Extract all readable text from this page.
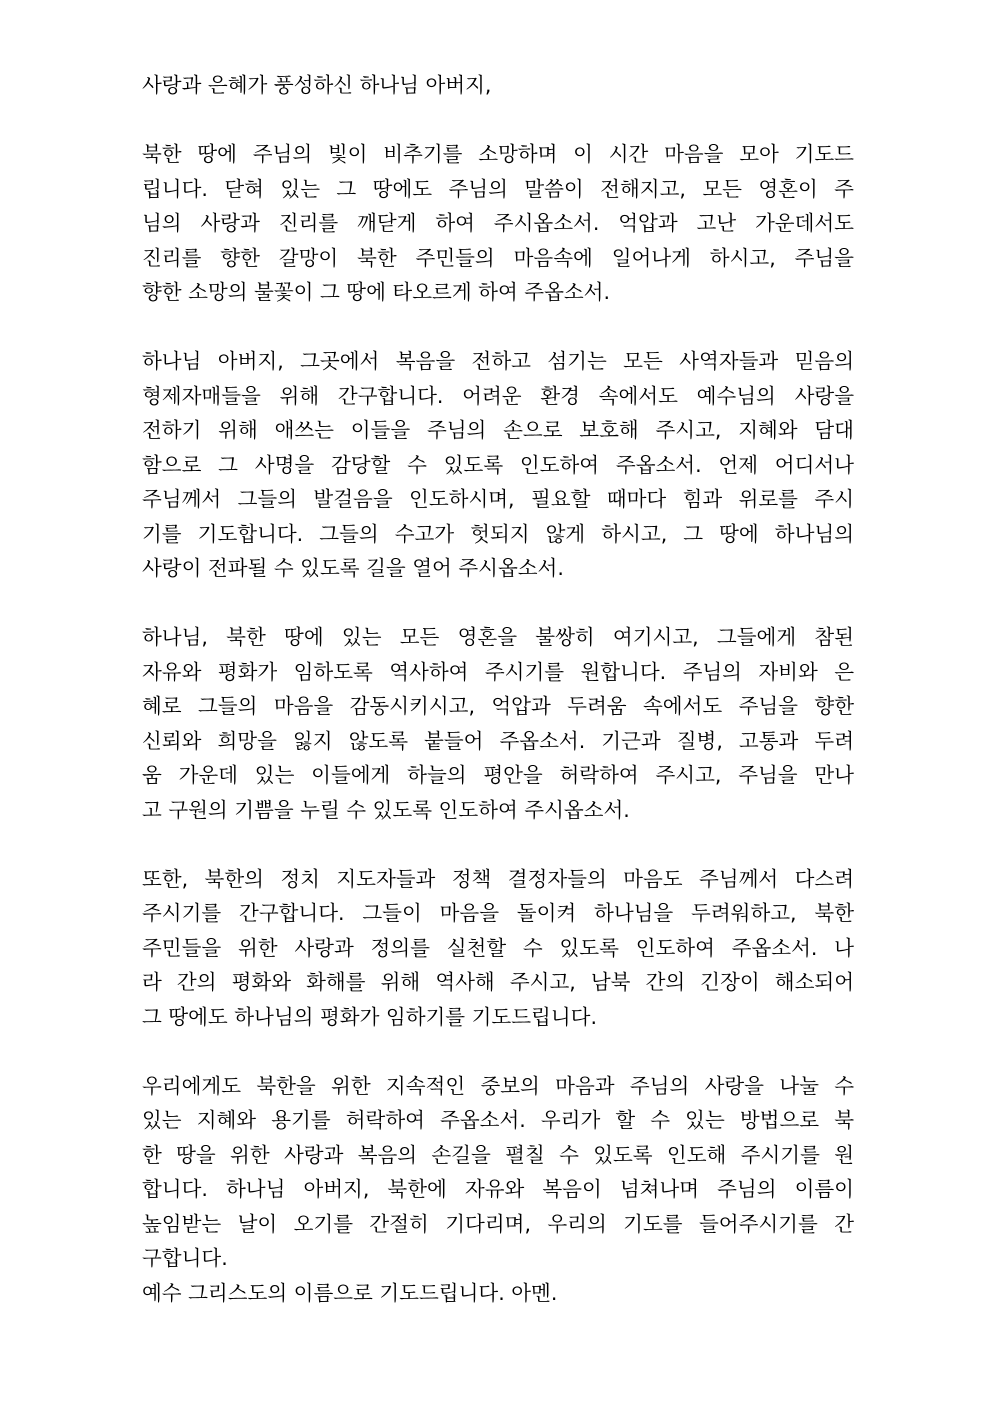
사랑과 은혜가 풍성하신 하나님 아버지,
북한 땅에 주님의 빛이 비추기를 소망하며 이 시간 마음을 모아 기도드
립니다. 닫혀 있는 그 땅에도 주님의 말씀이 전해지고, 모든 영혼이 주
님의 사랑과 진리를 깨닫게 하여 주시옵소서. 억압과 고난 가운데서도
진리를 향한 갈망이 북한 주민들의 마음속에 일어나게 하시고, 주님을
향한 소망의 불꽃이 그 땅에 타오르게 하여 주옵소서.
하나님 아버지, 그곳에서 복음을 전하고 섬기는 모든 사역자들과 믿음의
형제자매들을 위해 간구합니다. 어려운 환경 속에서도 예수님의 사랑을
전하기 위해 애쓰는 이들을 주님의 손으로 보호해 주시고, 지혜와 담대
함으로 그 사명을 감당할 수 있도록 인도하여 주옵소서. 언제 어디서나
주님께서 그들의 발걸음을 인도하시며, 필요할 때마다 힘과 위로를 주시
기를 기도합니다. 그들의 수고가 헛되지 않게 하시고, 그 땅에 하나님의
사랑이 전파될 수 있도록 길을 열어 주시옵소서.
하나님, 북한 땅에 있는 모든 영혼을 불쌍히 여기시고, 그들에게 참된
자유와 평화가 임하도록 역사하여 주시기를 원합니다. 주님의 자비와 은
혜로 그들의 마음을 감동시키시고, 억압과 두려움 속에서도 주님을 향한
신뢰와 희망을 잃지 않도록 붙들어 주옵소서. 기근과 질병, 고통과 두려
움 가운데 있는 이들에게 하늘의 평안을 허락하여 주시고, 주님을 만나
고 구원의 기쁨을 누릴 수 있도록 인도하여 주시옵소서.
또한, 북한의 정치 지도자들과 정책 결정자들의 마음도 주님께서 다스려
주시기를 간구합니다. 그들이 마음을 돌이켜 하나님을 두려워하고, 북한
주민들을 위한 사랑과 정의를 실천할 수 있도록 인도하여 주옵소서. 나
라 간의 평화와 화해를 위해 역사해 주시고, 남북 간의 긴장이 해소되어
그 땅에도 하나님의 평화가 임하기를 기도드립니다.
우리에게도 북한을 위한 지속적인 중보의 마음과 주님의 사랑을 나눌 수
있는 지혜와 용기를 허락하여 주옵소서. 우리가 할 수 있는 방법으로 북
한 땅을 위한 사랑과 복음의 손길을 펼칠 수 있도록 인도해 주시기를 원
합니다. 하나님 아버지, 북한에 자유와 복음이 넘쳐나며 주님의 이름이
높임받는 날이 오기를 간절히 기다리며, 우리의 기도를 들어주시기를 간
구합니다.
예수 그리스도의 이름으로 기도드립니다. 아멘.
